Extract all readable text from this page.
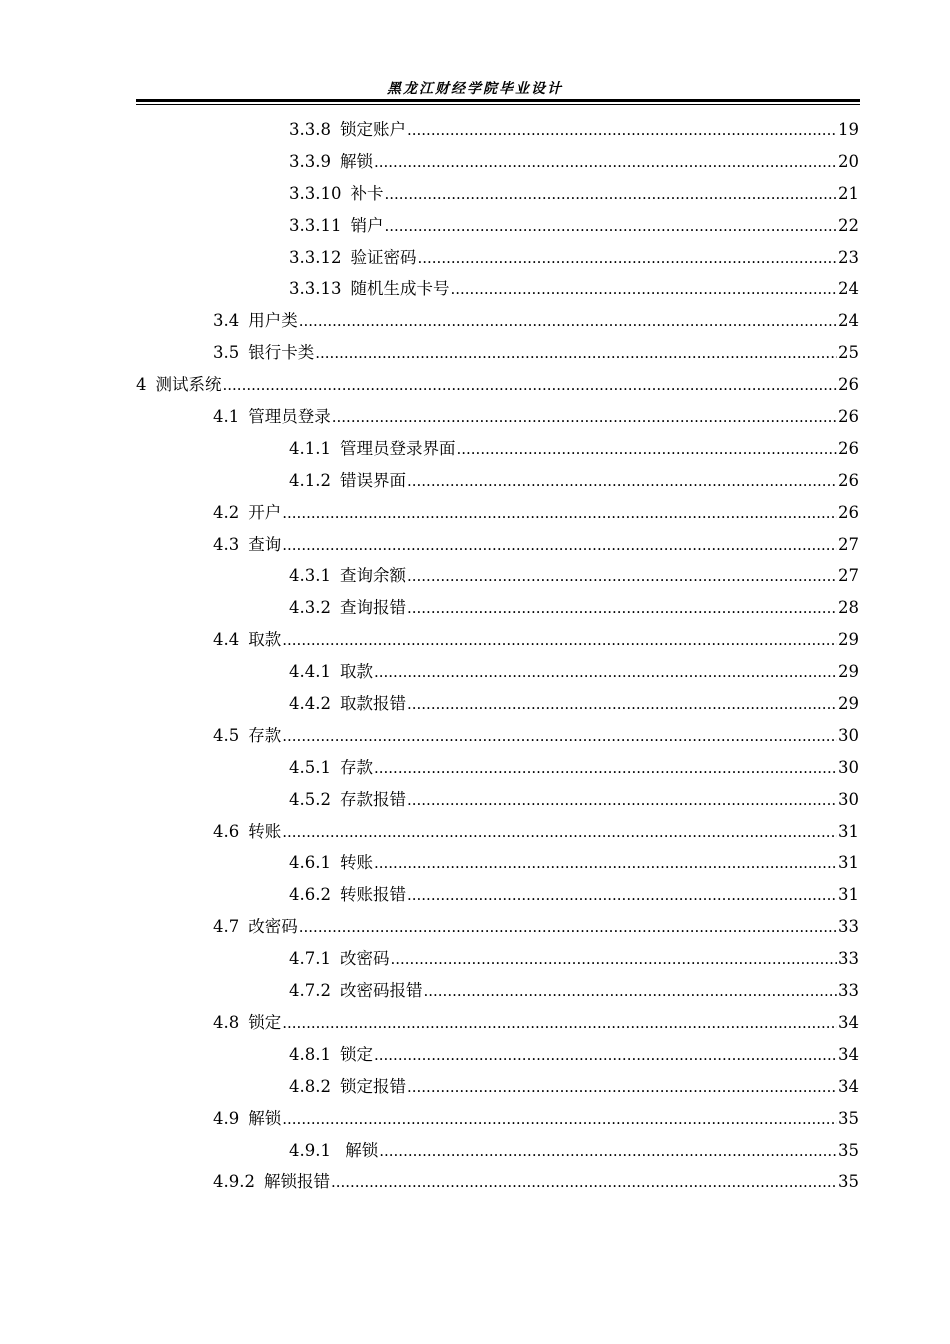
黑龙江财经学院毕业设计
3.3.8 锁定账户 .....	19
3.3.9 解锁 .....	20
3.3.10 补卡 .....	21
3.3.11 销户 .....	22
3.3.12 验证密码 .....	23
3.3.13 随机生成卡号 .....	24
3.4 用户类 .....	24
3.5 银行卡类 .....	25
4 测试系统 .....	26
4.1 管理员登录 .....	26
4.1.1 管理员登录界面 .....	26
4.1.2 错误界面 .....	26
4.2 开户 .....	26
4.3 查询 .....	27
4.3.1 查询余额 .....	27
4.3.2 查询报错 .....	28
4.4 取款 .....	29
4.4.1 取款 .....	29
4.4.2 取款报错 .....	29
4.5 存款 .....	30
4.5.1 存款 .....	30
4.5.2 存款报错 .....	30
4.6 转账 .....	31
4.6.1 转账 .....	31
4.6.2 转账报错 .....	31
4.7 改密码 .....	33
4.7.1 改密码 .....	33
4.7.2 改密码报错 .....	33
4.8 锁定 .....	34
4.8.1 锁定 .....	34
4.8.2 锁定报错 .....	34
4.9 解锁 .....	35
4.9.1 解锁 .....	35
4.9.2 解锁报错 .....	35
